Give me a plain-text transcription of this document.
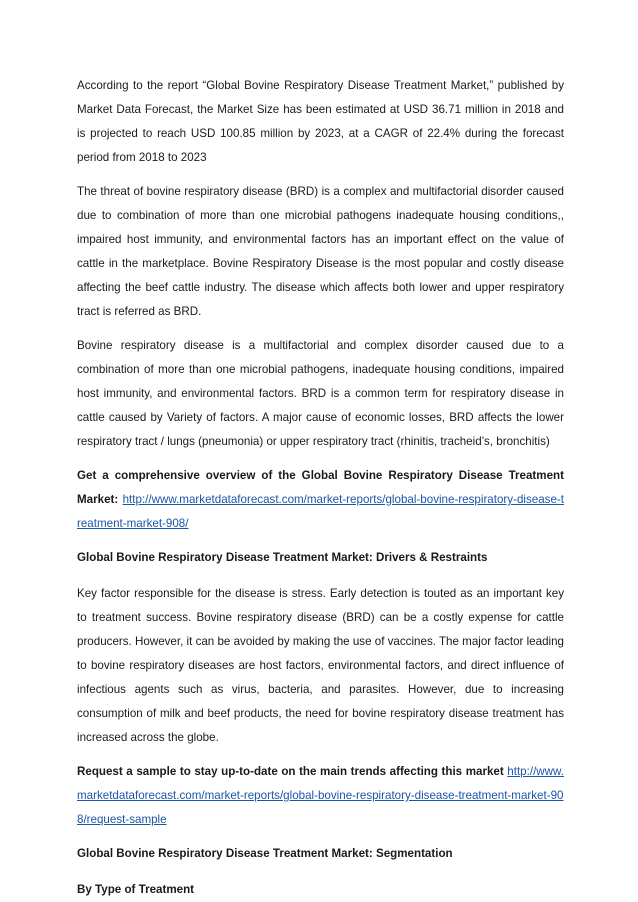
According to the report “Global Bovine Respiratory Disease Treatment Market,” published by Market Data Forecast, the Market Size has been estimated at USD 36.71 million in 2018 and is projected to reach USD 100.85 million by 2023, at a CAGR of 22.4% during the forecast period from 2018 to 2023

The threat of bovine respiratory disease (BRD) is a complex and multifactorial disorder caused due to combination of more than one microbial pathogens inadequate housing conditions,, impaired host immunity, and environmental factors has an important effect on the value of cattle in the marketplace. Bovine Respiratory Disease is the most popular and costly disease affecting the beef cattle industry. The disease which affects both lower and upper respiratory tract is referred as BRD.

Bovine respiratory disease is a multifactorial and complex disorder caused due to a combination of more than one microbial pathogens, inadequate housing conditions, impaired host immunity, and environmental factors. BRD is a common term for respiratory disease in cattle caused by Variety of factors. A major cause of economic losses, BRD affects the lower respiratory tract / lungs (pneumonia) or upper respiratory tract (rhinitis, tracheid’s, bronchitis)

Get a comprehensive overview of the Global Bovine Respiratory Disease Treatment Market: http://www.marketdataforecast.com/market-reports/global-bovine-respiratory-disease-treatment-market-908/

Global Bovine Respiratory Disease Treatment Market: Drivers & Restraints

Key factor responsible for the disease is stress. Early detection is touted as an important key to treatment success. Bovine respiratory disease (BRD) can be a costly expense for cattle producers. However, it can be avoided by making the use of vaccines. The major factor leading to bovine respiratory diseases are host factors, environmental factors, and direct influence of infectious agents such as virus, bacteria, and parasites. However, due to increasing consumption of milk and beef products, the need for bovine respiratory disease treatment has increased across the globe.

Request a sample to stay up-to-date on the main trends affecting this market http://www.marketdataforecast.com/market-reports/global-bovine-respiratory-disease-treatment-market-908/request-sample

Global Bovine Respiratory Disease Treatment Market: Segmentation

By Type of Treatment
